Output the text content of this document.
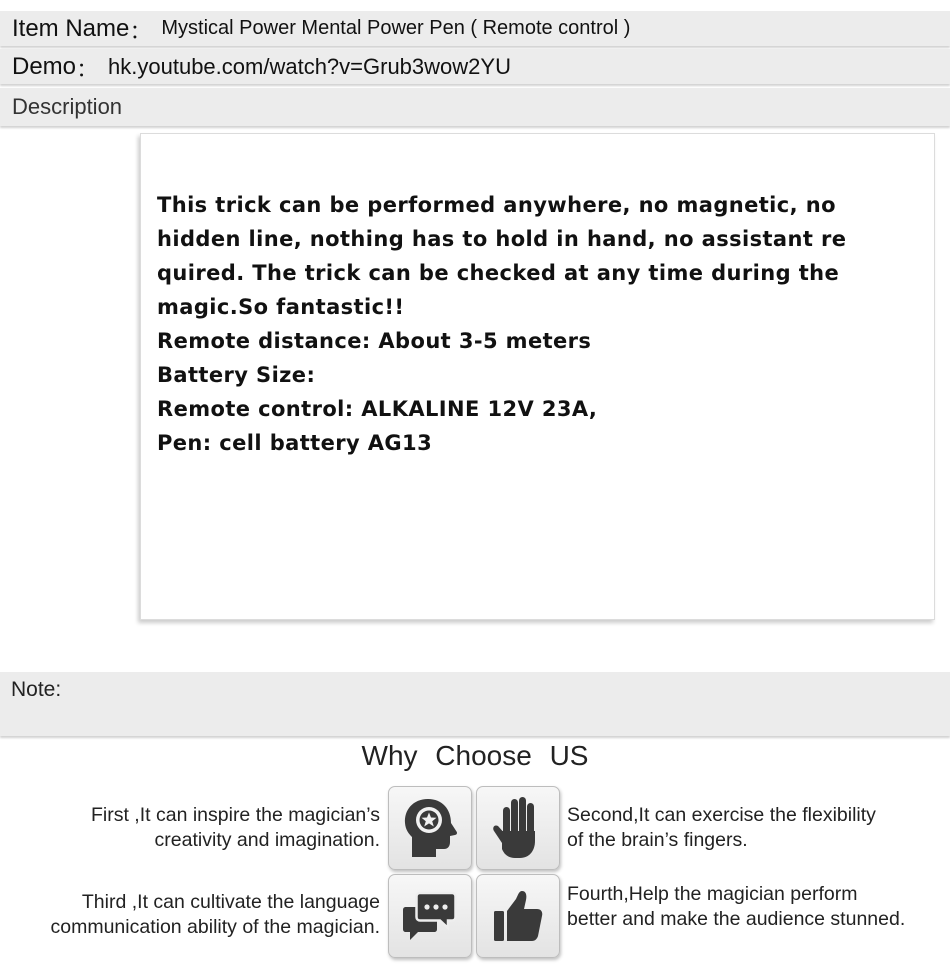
Item Name ： Mystical Power Mental Power Pen ( Remote control )
Demo ： hk.youtube.com/watch?v=Grub3wow2YU
Description
This trick can be performed anywhere, no magnetic, no
hidden line, nothing has to hold in hand, no assistant re
quired. The trick can be checked at any time during the
magic.So fantastic!!
Remote distance: About 3-5 meters
Battery Size:
Remote control: ALKALINE 12V 23A,
Pen: cell battery AG13
Note:
Why Choose US
First ,It can inspire the magician’s
creativity and imagination.
Second,It can exercise the flexibility
of the brain’s fingers.
Third ,It can cultivate the language
communication ability of the magician.
Fourth,Help the magician perform
better and make the audience stunned.
